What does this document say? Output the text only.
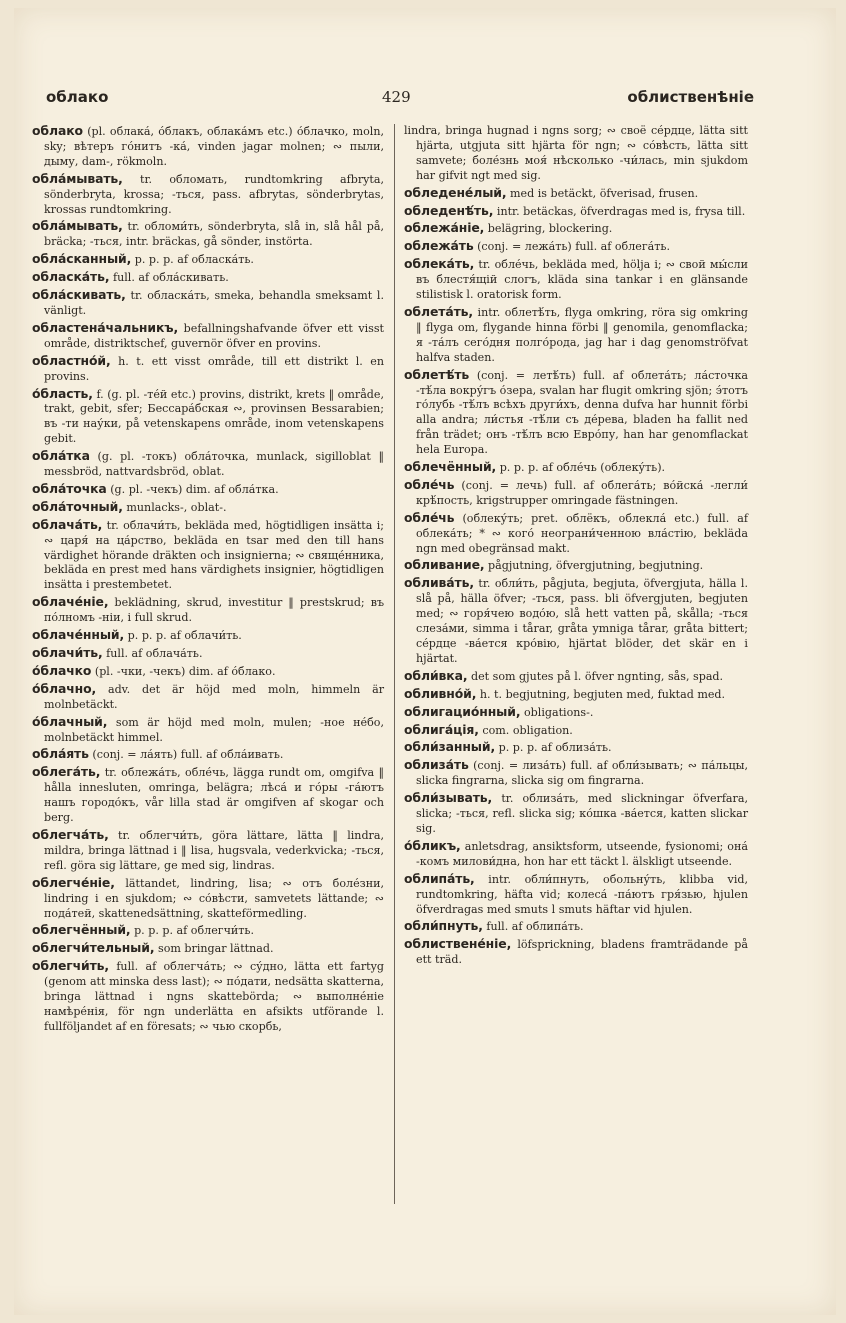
облако	429	облиственѣніе
облако (pl. облака́, о́блакъ, облака́мъ etc.) о́блачко, moln, sky; вѣтеръ го́нитъ -ка́, vinden jagar molnen; ∾ пыли, дыму, dam-, rökmoln.
обла́мывать, tr. обломать, rundtomkring afbryta, sönderbryta, krossa; -ться, pass. afbrytas, sönderbrytas, krossas rundtomkring.
обла́мывать, tr. обломи́ть, sönderbryta, slå in, slå hål på, bräcka; -ться, intr. bräckas, gå sönder, instörta.
обла́сканный, p. p. p. af обласка́ть.
обласка́ть, full. af обла́скивать.
обла́скивать, tr. обласка́ть, smeka, behandla smeksamt l. vänligt.
областена́чальникъ, befallningshafvande öfver ett visst område, distriktschef, guvernör öfver en provins.
областно́й, h. t. ett visst område, till ett distrikt l. en provins.
о́бласть, f. (g. pl. -те́й etc.) provins, distrikt, krets ‖ område, trakt, gebit, sfer; Бессара́бская ∾, provinsen Bessarabien; въ -ти нау́ки, på vetenskapens område, inom vetenskapens gebit.
обла́тка (g. pl. -токъ) обла́точка, munlack, sigilloblat ‖ messbröd, nattvardsbröd, oblat.
обла́точка (g. pl. -чекъ) dim. af обла́тка.
обла́точный, munlacks-, oblat-.
облача́ть, tr. облачи́ть, bekläda med, högtidligen insätta i; ∾ царя́ на ца́рство, bekläda en tsar med den till hans värdighet hörande dräkten och insignierna; ∾ свяще́нника, bekläda en prest med hans värdighets insignier, högtidligen insätta i prestembetet.
облаче́ніе, beklädning, skrud, investitur ‖ prestskrud; въ по́лномъ -ніи, i full skrud.
облаче́нный, p. p. p. af облачи́ть.
облачи́ть, full. af облача́ть.
о́блачко (pl. -чки, -чекъ) dim. af о́блако.
о́блачно, adv. det är höjd med moln, himmeln är molnbetäckt.
о́блачный, som är höjd med moln, mulen; -ное не́бо, molnbetäckt himmel.
обла́ять (conj. = ла́ять) full. af обла́ивать.
облега́ть, tr. облежа́ть, обле́чь, lägga rundt om, omgifva ‖ hålla innesluten, omringa, belägra; лѣса́ и го́ры -га́ютъ нашъ городо́къ, vår lilla stad är omgifven af skogar och berg.
облегча́ть, tr. облегчи́ть, göra lättare, lätta ‖ lindra, mildra, bringa lättnad i ‖ lisa, hugsvala, vederkvicka; -ться, refl. göra sig lättare, ge med sig, lindras.
облегче́ніе, lättandet, lindring, lisa; ∾ отъ боле́зни, lindring i en sjukdom; ∾ со́вѣсти, samvetets lättande; ∾ пода́тей, skattenedsättning, skatteförmedling.
облегчённый, p. p. p. af облегчи́ть.
облегчи́тельный, som bringar lättnad.
облегчи́ть, full. af облегча́ть; ∾ су́дно, lätta ett fartyg (genom att minska dess last); ∾ по́дати, nedsätta skatterna, bringa lättnad i ngns skattebörda; ∾ выполне́ніе намѣре́нія, för ngn underlätta en afsikts utförande l. fullföljandet af en föresats; ∾ чью скорбь,
lindra, bringa hugnad i ngns sorg; ∾ своё се́рдце, lätta sitt hjärta, utgjuta sitt hjärta för ngn; ∾ со́вѣсть, lätta sitt samvete; боле́знь моя́ нѣсколько -чи́лась, min sjukdom har gifvit ngt med sig.
обледене́лый, med is betäckt, öfverisad, frusen.
обледенѣ́ть, intr. betäckas, öfverdragas med is, frysa till.
облежа́ніе, belägring, blockering.
облежа́ть (conj. = лежа́ть) full. af облега́ть.
облека́ть, tr. обле́чь, bekläda med, hölja i; ∾ свой мы́сли въ блестя́щій слогъ, kläda sina tankar i en glänsande stilistisk l. oratorisk form.
облета́ть, intr. облетѣ́ть, flyga omkring, röra sig omkring ‖ flyga om, flygande hinna förbi ‖ genomila, genomflacka; я -та́лъ сего́дня полго́рода, jag har i dag genomströfvat halfva staden.
облетѣ́ть (conj. = летѣ́ть) full. af облета́ть; ла́сточка -тѣ́ла вокру́гъ о́зера, svalan har flugit omkring sjön; э́тотъ го́лубь -тѣ́лъ всѣхъ други́хъ, denna dufva har hunnit förbi alla andra; ли́стья -тѣ́ли съ де́рева, bladen ha fallit ned från trädet; онъ -тѣ́лъ всю Евро́пу, han har genomflackat hela Europa.
облечённый, p. p. p. af обле́чь (облеку́ть).
обле́чь (conj. = лечь) full. af облега́ть; во́йска́ -легли́ крѣ́пость, krigstrupper omringade fästningen.
обле́чь (облеку́ть; pret. облёкъ, облекла́ etc.) full. af облека́ть; * ∾ кого́ неограни́ченною вла́стію, bekläda ngn med obegränsad makt.
обливание, pågjutning, öfvergjutning, begjutning.
облива́ть, tr. обли́ть, pågjuta, begjuta, öfvergjuta, hälla l. slå på, hälla öfver; -ться, pass. bli öfvergjuten, begjuten med; ∾ горя́чею водо́ю, slå hett vatten på, skålla; -ться слеза́ми, simma i tårar, gråta ymniga tårar, gråta bittert; се́рдце -ва́ется кро́вію, hjärtat blöder, det skär en i hjärtat.
обли́вка, det som gjutes på l. öfver ngnting, sås, spad.
обливно́й, h. t. begjutning, begjuten med, fuktad med.
облигацио́нный, obligations-.
облига́ція, com. obligation.
обли́занный, p. p. p. af облиза́ть.
облиза́ть (conj. = лиза́ть) full. af обли́зывать; ∾ па́льцы, slicka fingrarna, slicka sig om fingrarna.
обли́зывать, tr. облиза́ть, med slickningar öfverfara, slicka; -ться, refl. slicka sig; ко́шка -ва́ется, katten slickar sig.
о́бликъ, anletsdrag, ansiktsform, utseende, fysionomi; она́ -комъ милови́дна, hon har ett täckt l. älskligt utseende.
облипа́ть, intr. обли́пнуть, обольну́ть, klibba vid, rundtomkring, häfta vid; колеса́ -па́ютъ гря́зью, hjulen öfverdragas med smuts l smuts häftar vid hjulen.
обли́пнуть, full. af облипа́ть.
облиствене́ніе, löfsprickning, bladens framträdande på ett träd.
